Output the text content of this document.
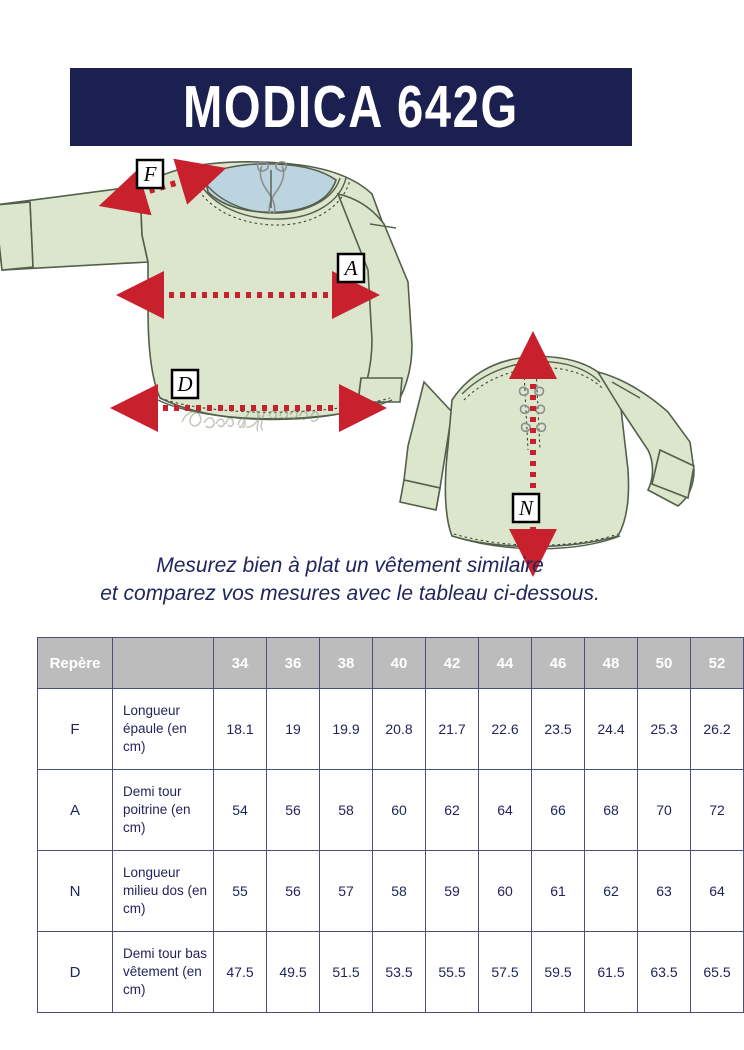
MODICA 642G
F
A
D
N
Mesurez bien à plat un vêtement similaire
et comparez vos mesures avec le tableau ci-dessous.
Repère		34	36	38	40	42	44	46	48	50	52
F	Longueur épaule (en cm)	18.1	19	19.9	20.8	21.7	22.6	23.5	24.4	25.3	26.2
A	Demi tour poitrine (en cm)	54	56	58	60	62	64	66	68	70	72
N	Longueur milieu dos (en cm)	55	56	57	58	59	60	61	62	63	64
D	Demi tour bas vêtement (en cm)	47.5	49.5	51.5	53.5	55.5	57.5	59.5	61.5	63.5	65.5
